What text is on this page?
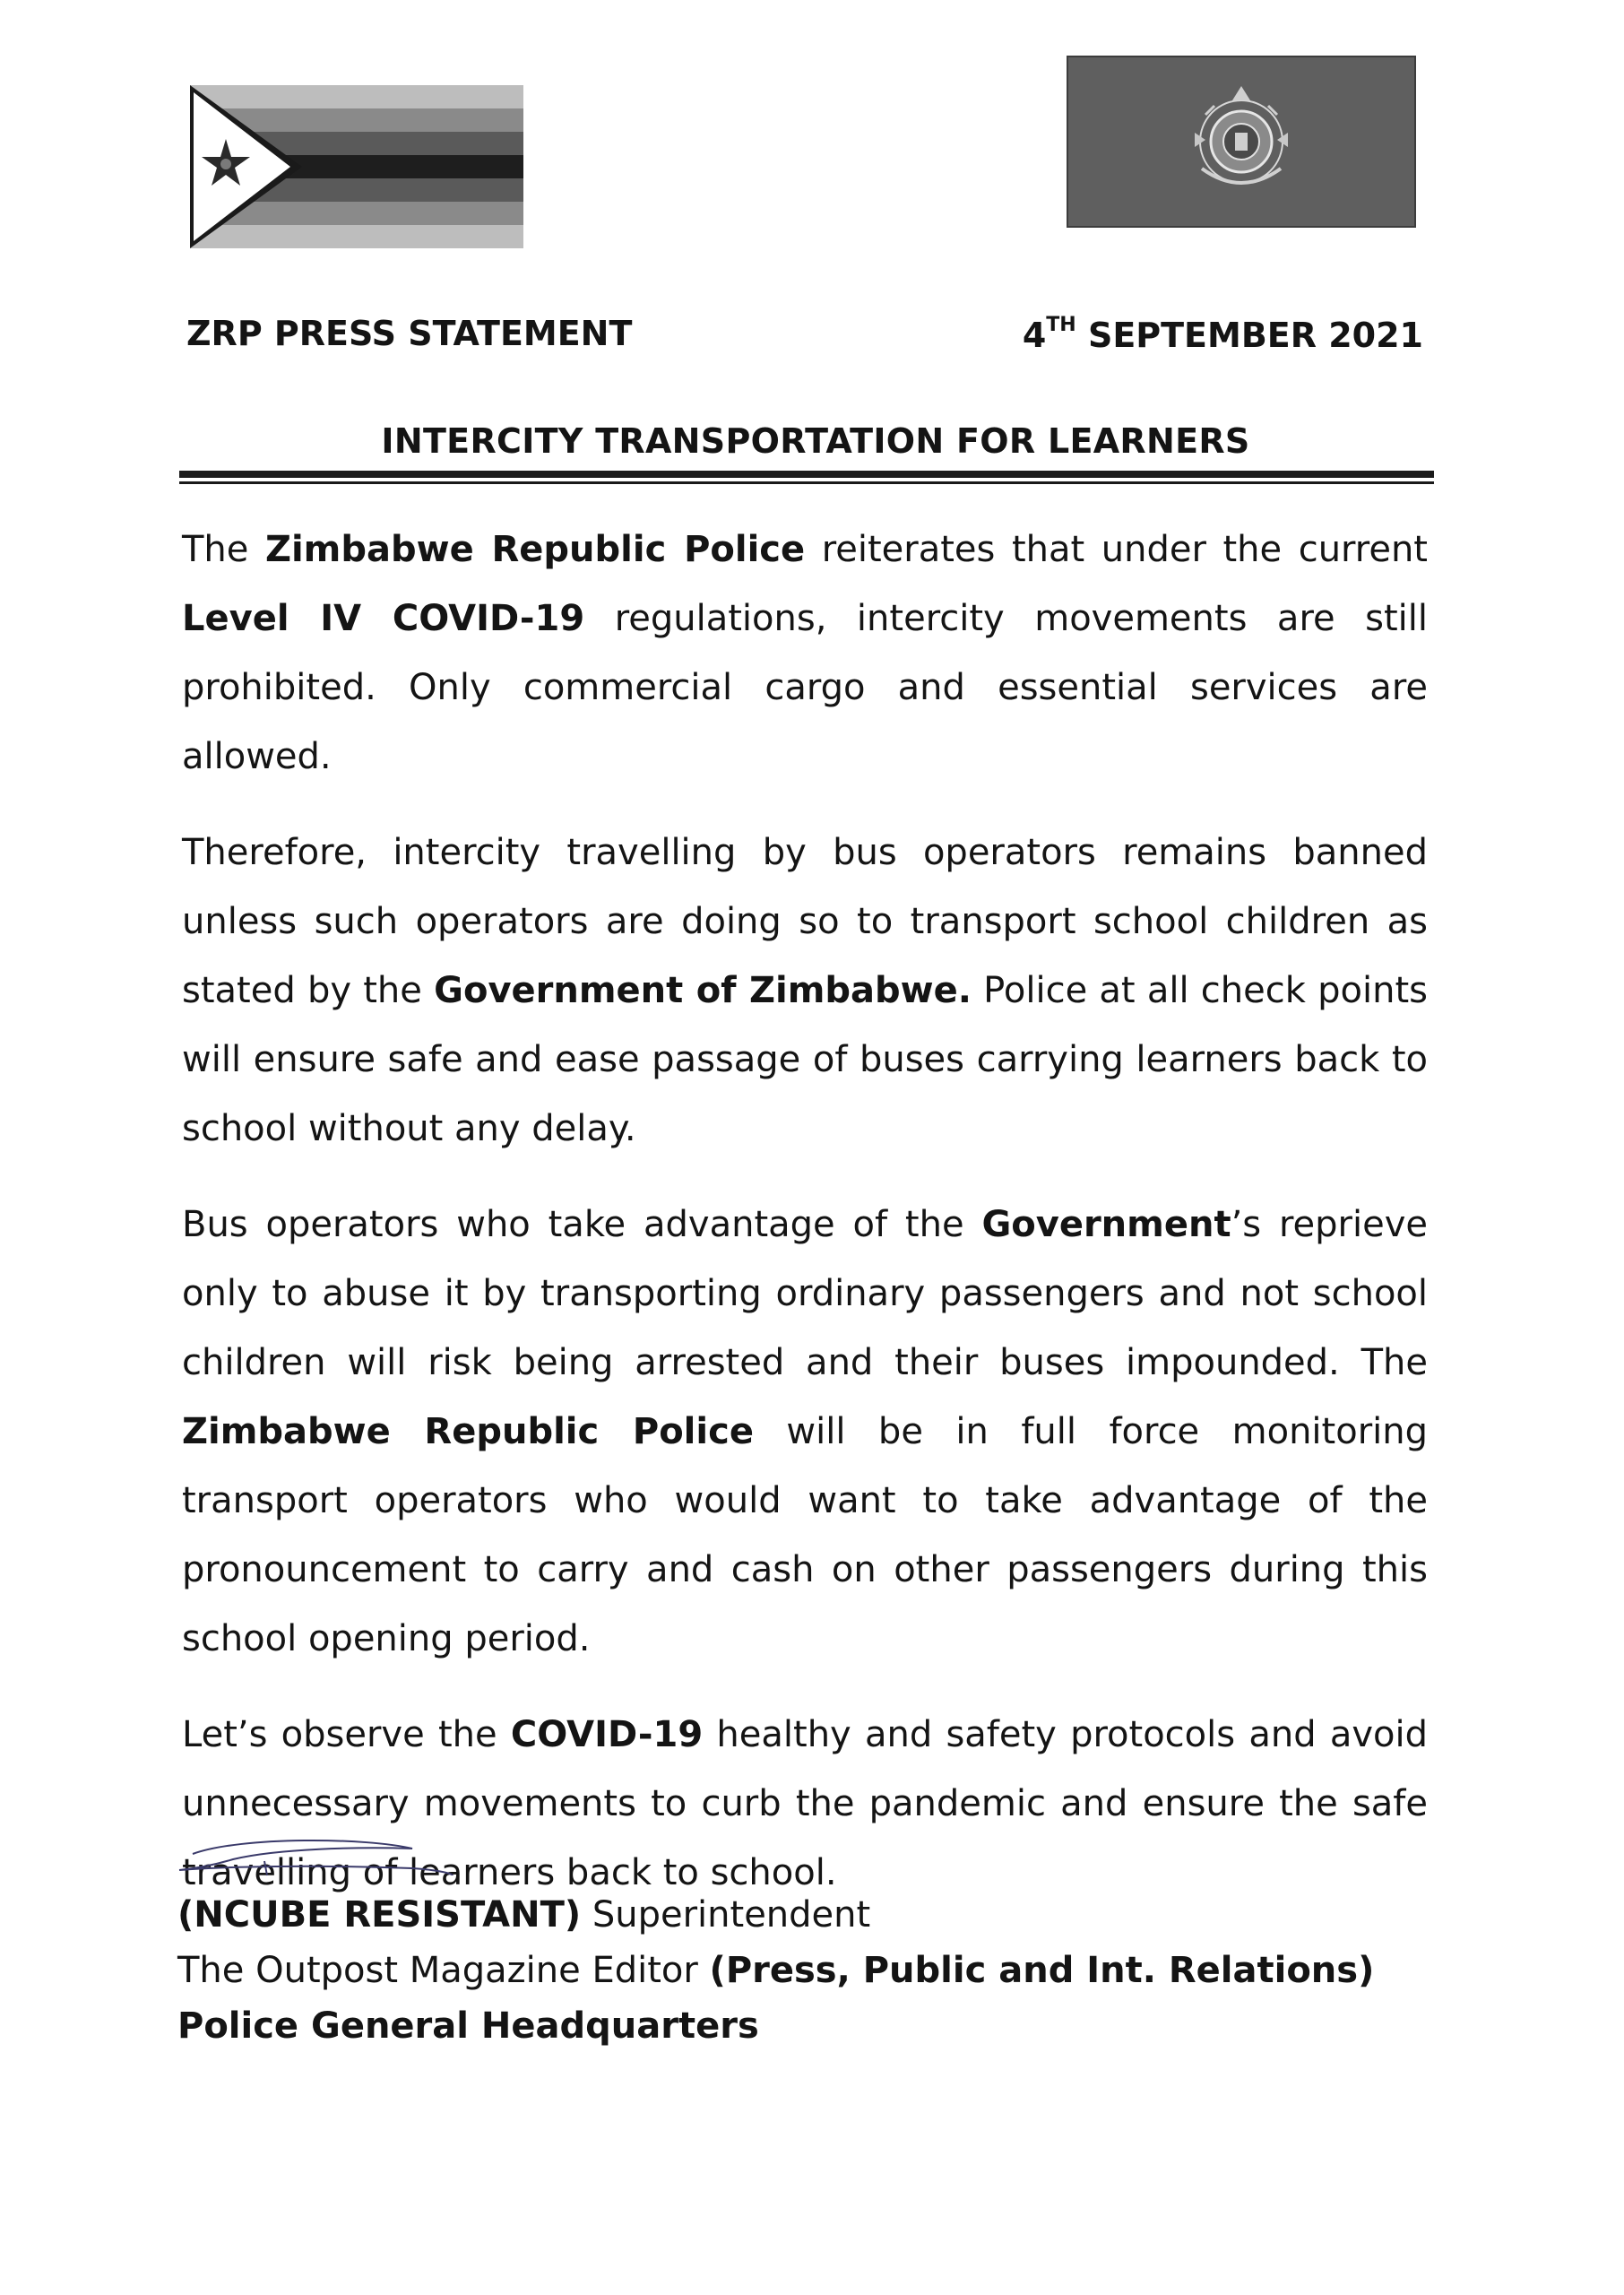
ZRP PRESS STATEMENT	4TH SEPTEMBER 2021
INTERCITY TRANSPORTATION FOR LEARNERS

The Zimbabwe Republic Police reiterates that under the current Level IV COVID-19 regulations, intercity movements are still prohibited. Only commercial cargo and essential services are allowed.

Therefore, intercity travelling by bus operators remains banned unless such operators are doing so to transport school children as stated by the Government of Zimbabwe. Police at all check points will ensure safe and ease passage of buses carrying learners back to school without any delay.

Bus operators who take advantage of the Government’s reprieve only to abuse it by transporting ordinary passengers and not school children will risk being arrested and their buses impounded. The Zimbabwe Republic Police will be in full force monitoring transport operators who would want to take advantage of the pronouncement to carry and cash on other passengers during this school opening period.

Let’s observe the COVID-19 healthy and safety protocols and avoid unnecessary movements to curb the pandemic and ensure the safe travelling of learners back to school.

(NCUBE RESISTANT) Superintendent
The Outpost Magazine Editor (Press, Public and Int. Relations)
Police General Headquarters
